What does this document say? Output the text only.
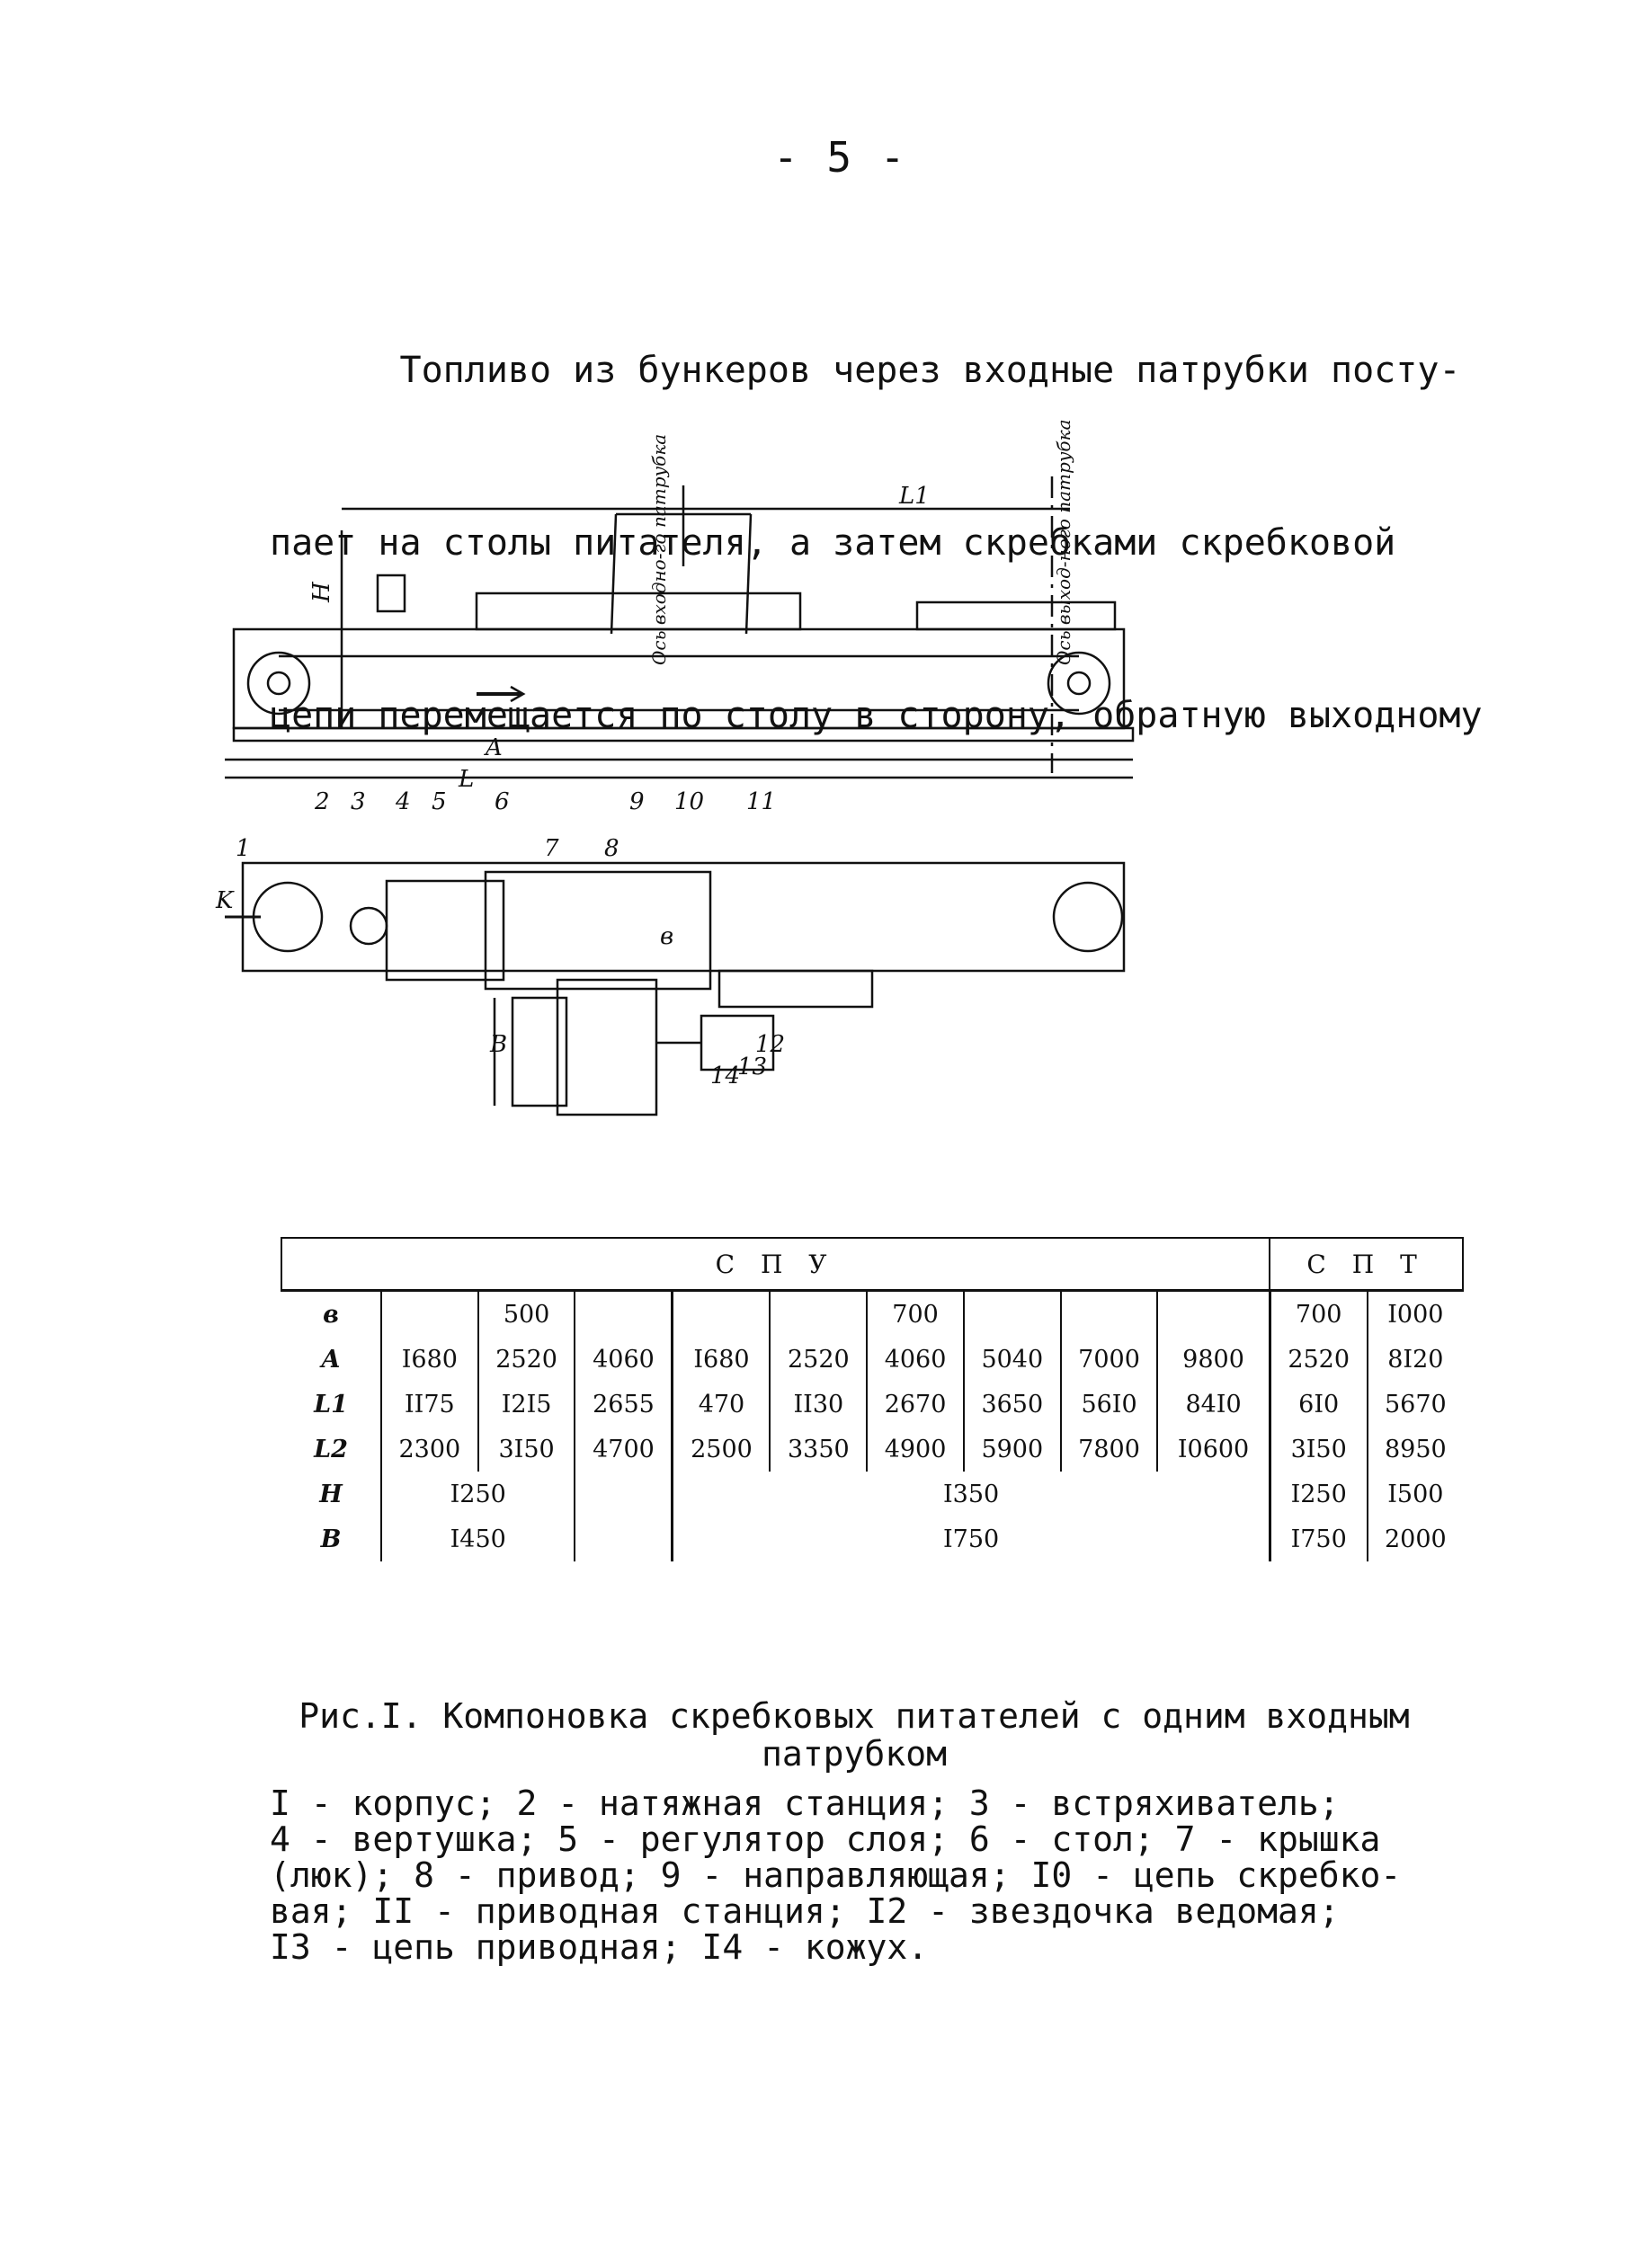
- 5 -

Топливо из бункеров через входные патрубки посту-

пает на столы питателя, а затем скребками скребковой

цепи перемещается по столу в сторону, обратную выходному

L1
Ось входно-го патрубка	Ось выход-ного патрубка
H
A
L
2 3 4 5 6	9 10 11
K
в
В
1	7 8
12
13
14
С П У										С П Т	
в		500				700				700	I000
А	I680	2520	4060	I680	2520	4060	5040	7000	9800	2520	8I20
L1	II75	I2I5	2655	470	II30	2670	3650	56I0	84I0	6I0	5670
L2	2300	3I50	4700	2500	3350	4900	5900	7800	I0600	3I50	8950
Н	I250			I350						I250	I500
В	I450			I750						I750	2000
Рис.I. Компоновка скребковых питателей с одним входным
патрубком
I - корпус; 2 - натяжная станция; 3 - встряхиватель;
4 - вертушка; 5 - регулятор слоя; 6 - стол; 7 - крышка
(люк); 8 - привод; 9 - направляющая; I0 - цепь скребко-
вая; II - приводная станция; I2 - звездочка ведомая;
I3 - цепь приводная; I4 - кожух.
